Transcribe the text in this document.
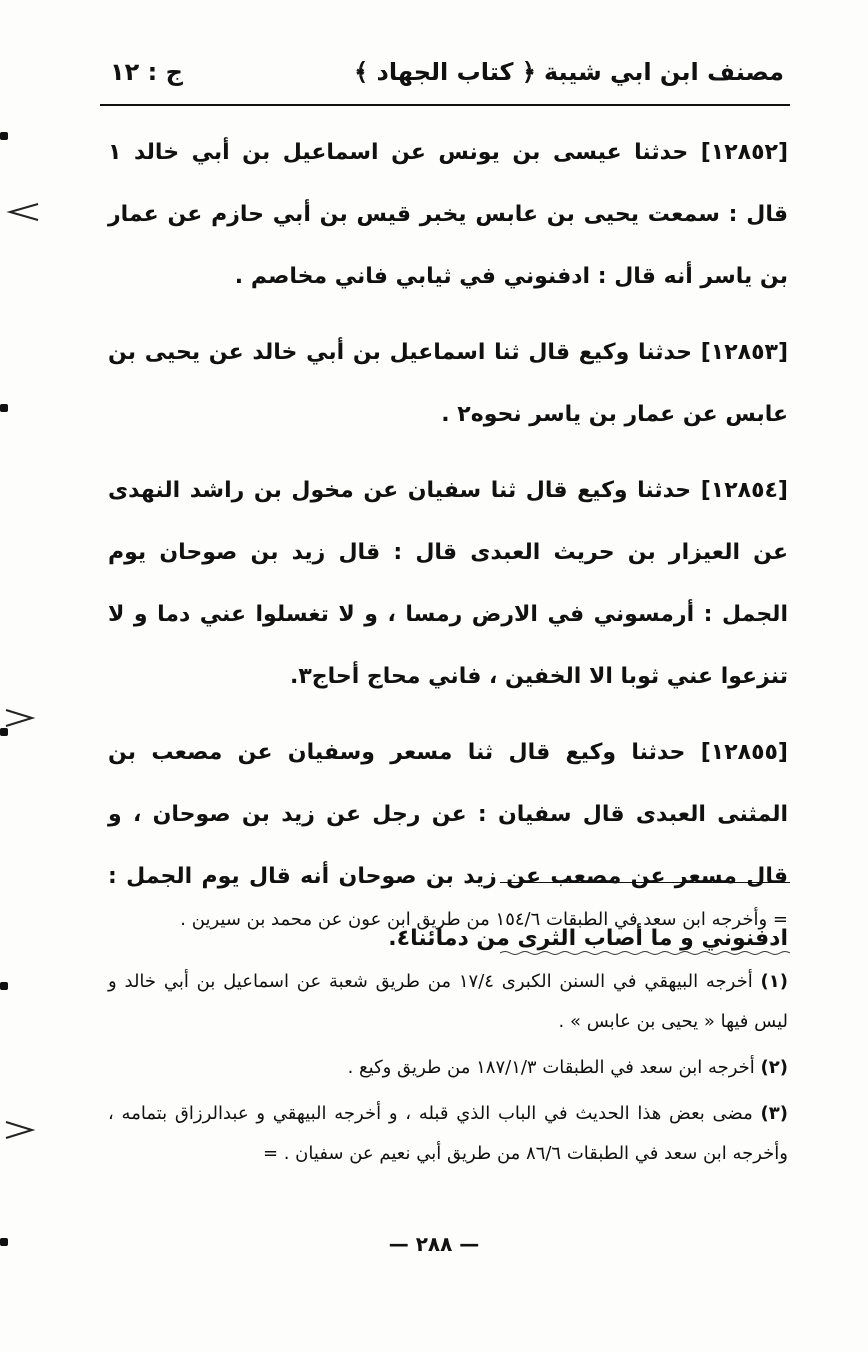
مصنف ابن ابي شيبة
﴿ كتاب الجهاد ﴾
ج : ١٢

[١٢٨٥٢] حدثنا عيسى بن يونس عن اسماعيل بن أبي خالد ١ قال : سمعت يحيى بن عابس يخبر قيس بن أبي حازم عن عمار بن ياسر أنه قال : ادفنوني في ثيابي فاني مخاصم .

[١٢٨٥٣] حدثنا وكيع قال ثنا اسماعيل بن أبي خالد عن يحيى بن عابس عن عمار بن ياسر نحوه٢ .

[١٢٨٥٤] حدثنا وكيع قال ثنا سفيان عن مخول بن راشد النهدى عن العيزار بن حريث العبدى قال : قال زيد بن صوحان يوم الجمل : أرمسوني في الارض رمسا ، و لا تغسلوا عني دما و لا تنزعوا عني ثوبا الا الخفين ، فاني محاج أحاج٣.

[١٢٨٥٥] حدثنا وكيع قال ثنا مسعر وسفيان عن مصعب بن المثنى العبدى قال سفيان : عن رجل عن زيد بن صوحان ، و قال مسعر عن مصعب عن زيد بن صوحان أنه قال يوم الجمل : ادفنوني و ما أصاب الثرى من دمائنا٤.

= وأخرجه ابن سعد في الطبقات ١٥٤/٦ من طريق ابن عون عن محمد بن سيرين .

(١) أخرجه البيهقي في السنن الكبرى ١٧/٤ من طريق شعبة عن اسماعيل بن أبي خالد و ليس فيها « يحيى بن عابس » .

(٢) أخرجه ابن سعد في الطبقات ١٨٧/١/٣ من طريق وكيع .

(٣) مضى بعض هذا الحديث في الباب الذي قبله ، و أخرجه البيهقي و عبدالرزاق بتمامه ، وأخرجه ابن سعد في الطبقات ٨٦/٦ من طريق أبي نعيم عن سفيان . =

— ٢٨٨ —
